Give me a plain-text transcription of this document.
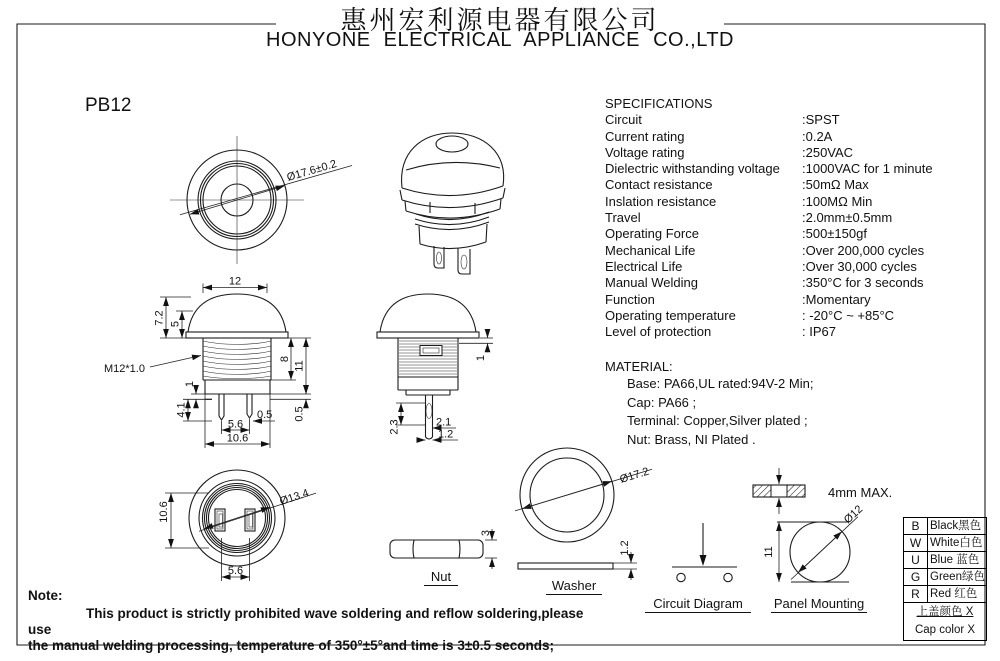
Ø17.6±0.2
12
7.2 5
M12*1.0
8
11
1
4.1	0.5 0.5
5.6
10.6
1
2.3	2.1
1.2
10.6
Ø13.4
5.6
3
Ø17.2
1.2	11
Ø12
惠州宏利源电器有限公司
HONYONE ELECTRICAL APPLIANCE CO.,LTD
PB12	SPECIFICATIONS
Circuit	:SPST
Current rating	:0.2A
Voltage rating	:250VAC
Dielectric withstanding voltage	:1000VAC for 1 minute
Contact resistance	:50mΩ Max
Inslation resistance	:100MΩ Min
Travel	:2.0mm±0.5mm
Operating Force	:500±150gf
Mechanical Life	:Over 200,000 cycles
Electrical Life	:Over 30,000 cycles
Manual Welding	:350°C for 3 seconds
Function	:Momentary
Operating temperature	: -20°C ~ +85°C
Level of protection	: IP67
MATERIAL:
Base: PA66,UL rated:94V-2 Min;
Cap: PA66 ;
Terminal: Copper,Silver plated ;
Nut: Brass, NI Plated .
Nut
Washer
Circuit Diagram	Panel Mounting
4mm MAX.
B Black黑色
W White白色
U Blue 蓝色
G Green绿色
R Red 红色
上盖颜色 X
Cap color X
Note:
This product is strictly prohibited wave soldering and reflow soldering,please use
the manual welding processing, temperature of 350°±5°and time is 3±0.5 seconds;
